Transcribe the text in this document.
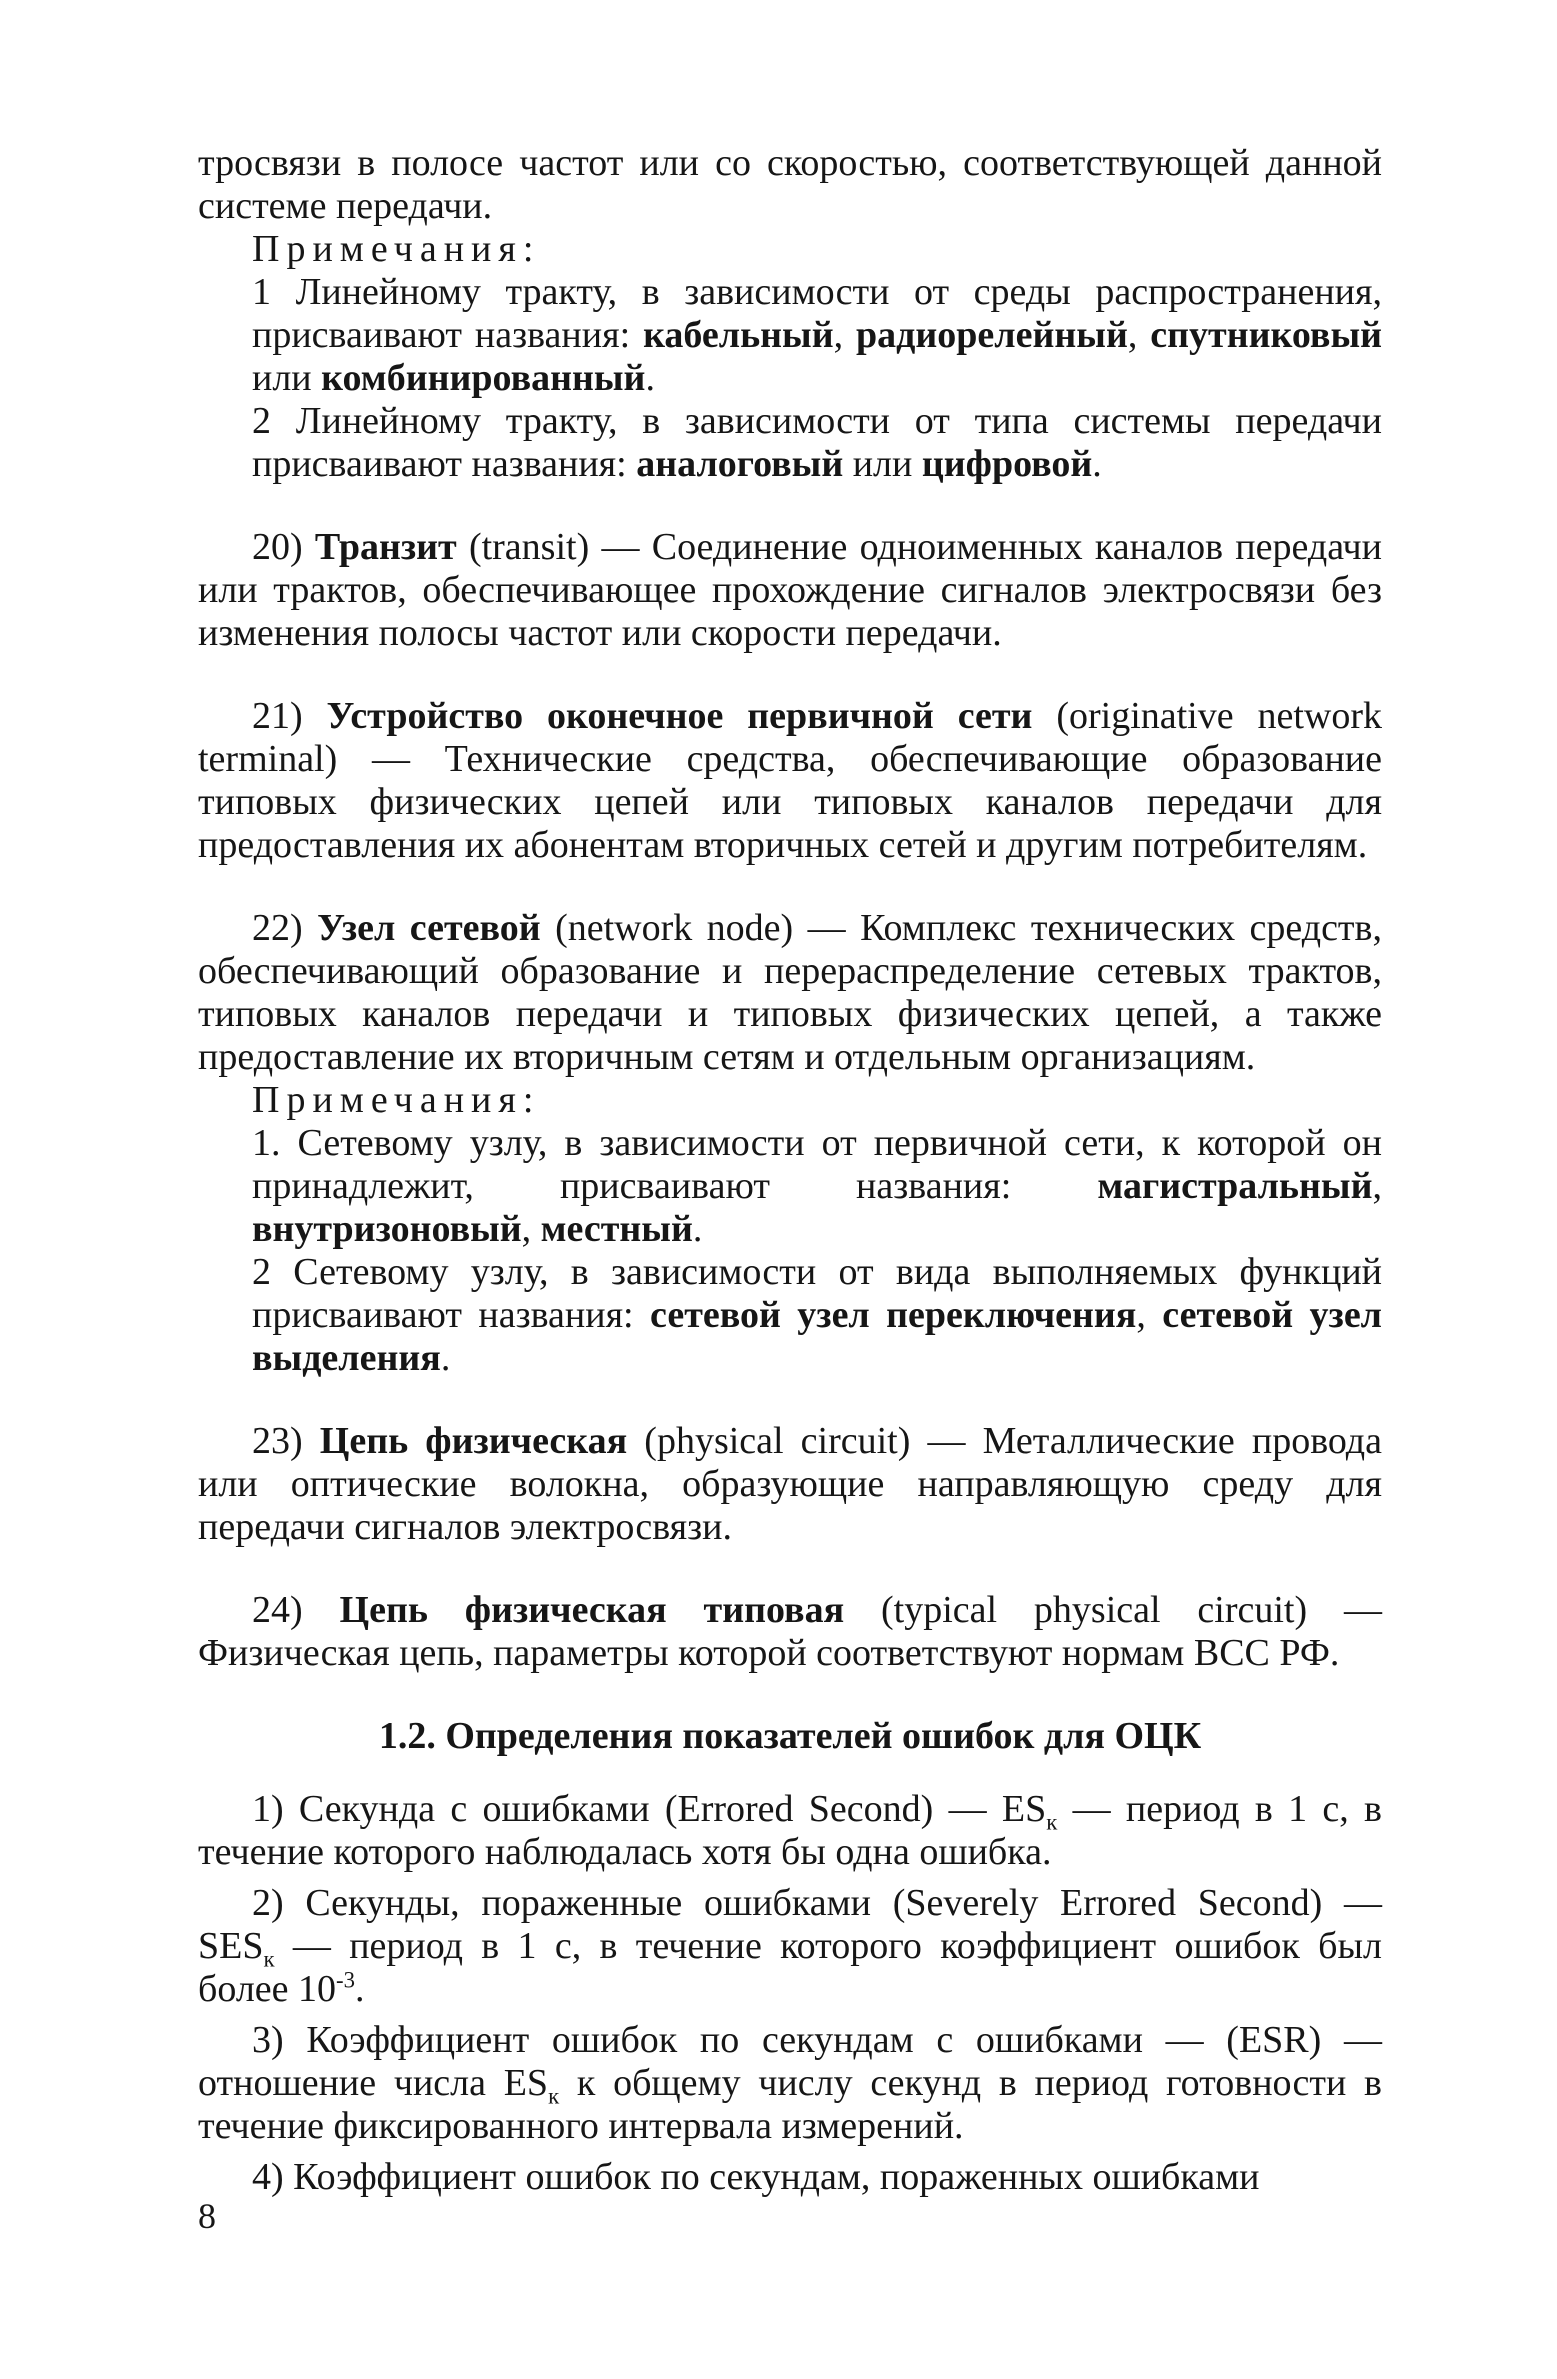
тросвязи в полосе частот или со скоростью, соответствующей данной системе передачи.

Примечания:

1 Линейному тракту, в зависимости от среды распространения, присваивают названия: кабельный, радиорелейный, спутниковый или комбинированный.

2 Линейному тракту, в зависимости от типа системы передачи присваивают названия: аналоговый или цифровой.

20) Транзит (transit) — Соединение одноименных каналов передачи или трактов, обеспечивающее прохождение сигналов электросвязи без изменения полосы частот или скорости передачи.

21) Устройство оконечное первичной сети (originative network terminal) — Технические средства, обеспечивающие образование типовых физических цепей или типовых каналов передачи для предоставления их абонентам вторичных сетей и другим потребителям.

22) Узел сетевой (network node) — Комплекс технических средств, обеспечивающий образование и перераспределение сетевых трактов, типовых каналов передачи и типовых физических цепей, а также предоставление их вторичным сетям и отдельным организациям.

Примечания:

1. Сетевому узлу, в зависимости от первичной сети, к которой он принадлежит, присваивают названия: магистральный, внутризоновый, местный.

2 Сетевому узлу, в зависимости от вида выполняемых функций присваивают названия: сетевой узел переключения, сетевой узел выделения.

23) Цепь физическая (physical circuit) — Металлические провода или оптические волокна, образующие направляющую среду для передачи сигналов электросвязи.

24) Цепь физическая типовая (typical physical circuit) — Физическая цепь, параметры которой соответствуют нормам ВСС РФ.

1.2. Определения показателей ошибок для ОЦК

1) Секунда с ошибками (Errored Second) — $ES_к$ — период в 1 с, в течение которого наблюдалась хотя бы одна ошибка.

2) Секунды, пораженные ошибками (Severely Errored Second) — $SES_к$ — период в 1 с, в течение которого коэффициент ошибок был более $10^{-3}$.

3) Коэффициент ошибок по секундам с ошибками — (ESR) — отношение числа $ES_к$ к общему числу секунд в период готовности в течение фиксированного интервала измерений.

4) Коэффициент ошибок по секундам, пораженных ошибками

8
